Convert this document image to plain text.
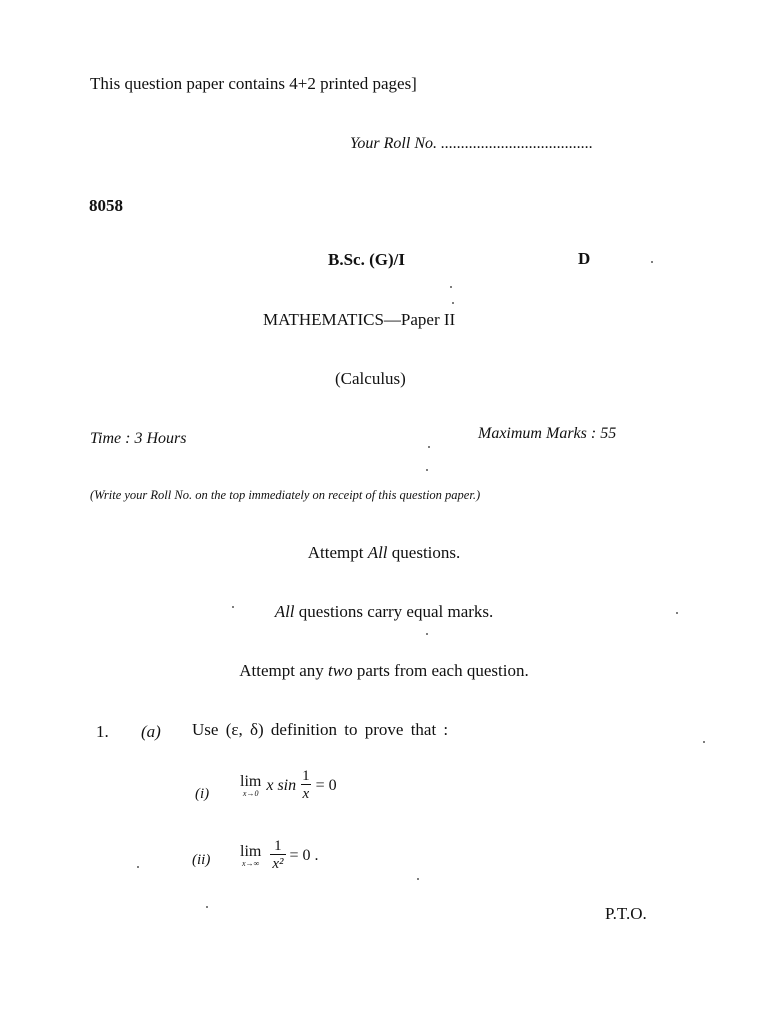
This question paper contains 4+2 printed pages]
Your Roll No. ......................................
8058
B.Sc. (G)/I	D
MATHEMATICS—Paper II
(Calculus)
Time : 3 Hours	Maximum Marks : 55
(Write your Roll No. on the top immediately on receipt of this question paper.)
Attempt All questions.
All questions carry equal marks.
Attempt any two parts from each question.
1. (a) Use (ε, δ) definition to prove that :
(i)
lim
x→0 x $\sin \frac{1}{x} = 0$
(ii) lim
$x\to\infty \frac{1}{\text{x²}} = 0$ .
P.T.O.
